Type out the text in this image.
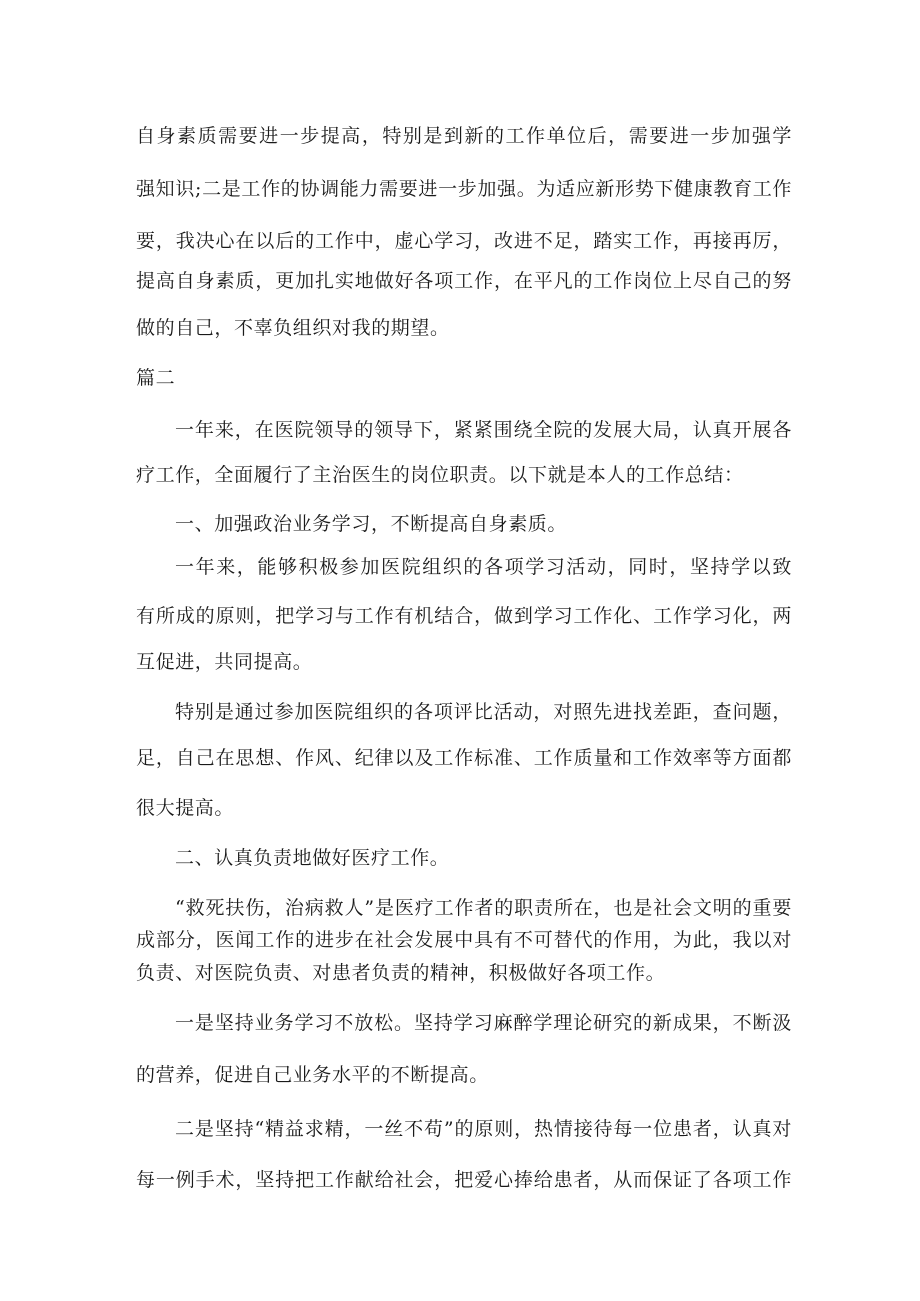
自身素质需要进一步提高，特别是到新的工作单位后，需要进一步加强学
强知识;二是工作的协调能力需要进一步加强。为适应新形势下健康教育工作
要，我决心在以后的工作中，虚心学习，改进不足，踏实工作，再接再厉，
提高自身素质，更加扎实地做好各项工作，在平凡的工作岗位上尽自己的努
做的自己，不辜负组织对我的期望。
篇二
一年来，在医院领导的领导下，紧紧围绕全院的发展大局，认真开展各
疗工作，全面履行了主治医生的岗位职责。以下就是本人的工作总结：
一、加强政治业务学习，不断提高自身素质。
一年来，能够积极参加医院组织的各项学习活动，同时，坚持学以致
有所成的原则，把学习与工作有机结合，做到学习工作化、工作学习化，两
互促进，共同提高。
特别是通过参加医院组织的各项评比活动，对照先进找差距，查问题，
足，自己在思想、作风、纪律以及工作标准、工作质量和工作效率等方面都
很大提高。
二、认真负责地做好医疗工作。
“救死扶伤，治病救人”是医疗工作者的职责所在，也是社会文明的重要
成部分，医闻工作的进步在社会发展中具有不可替代的作用，为此，我以对
负责、对医院负责、对患者负责的精神，积极做好各项工作。
一是坚持业务学习不放松。坚持学习麻醉学理论研究的新成果，不断汲
的营养，促进自己业务水平的不断提高。
二是坚持“精益求精，一丝不苟”的原则，热情接待每一位患者，认真对
每一例手术，坚持把工作献给社会，把爱心捧给患者，从而保证了各项工作
